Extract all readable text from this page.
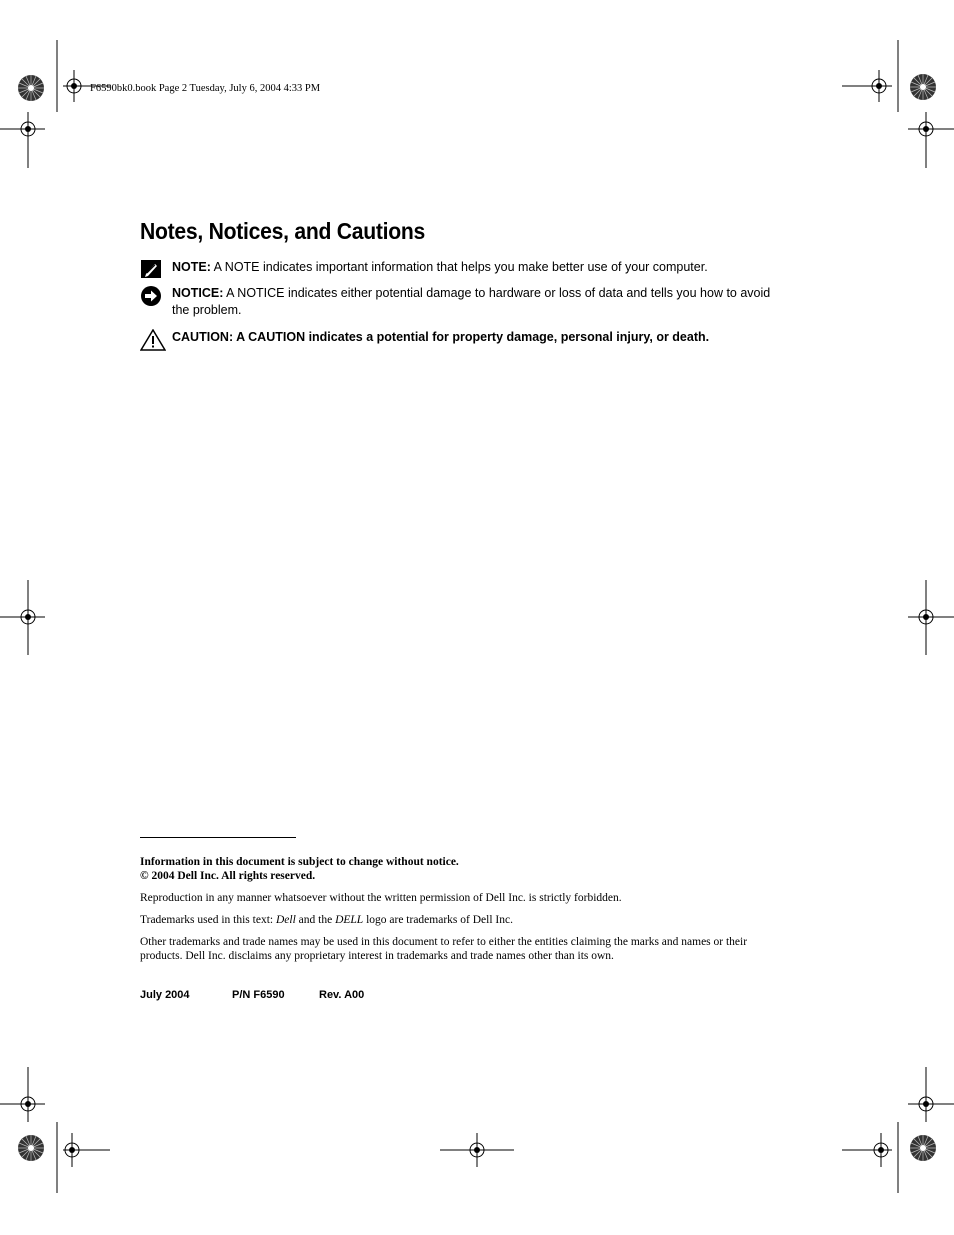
F6590bk0.book Page 2 Tuesday, July 6, 2004 4:33 PM
Notes, Notices, and Cautions
NOTE: A NOTE indicates important information that helps you make better use of your computer.
NOTICE: A NOTICE indicates either potential damage to hardware or loss of data and tells you how to avoid the problem.
CAUTION: A CAUTION indicates a potential for property damage, personal injury, or death.
Information in this document is subject to change without notice.
© 2004 Dell Inc. All rights reserved.
Reproduction in any manner whatsoever without the written permission of Dell Inc. is strictly forbidden.
Trademarks used in this text: Dell and the DELL logo are trademarks of Dell Inc.
Other trademarks and trade names may be used in this document to refer to either the entities claiming the marks and names or their products. Dell Inc. disclaims any proprietary interest in trademarks and trade names other than its own.
July 2004	P/N F6590	Rev. A00
